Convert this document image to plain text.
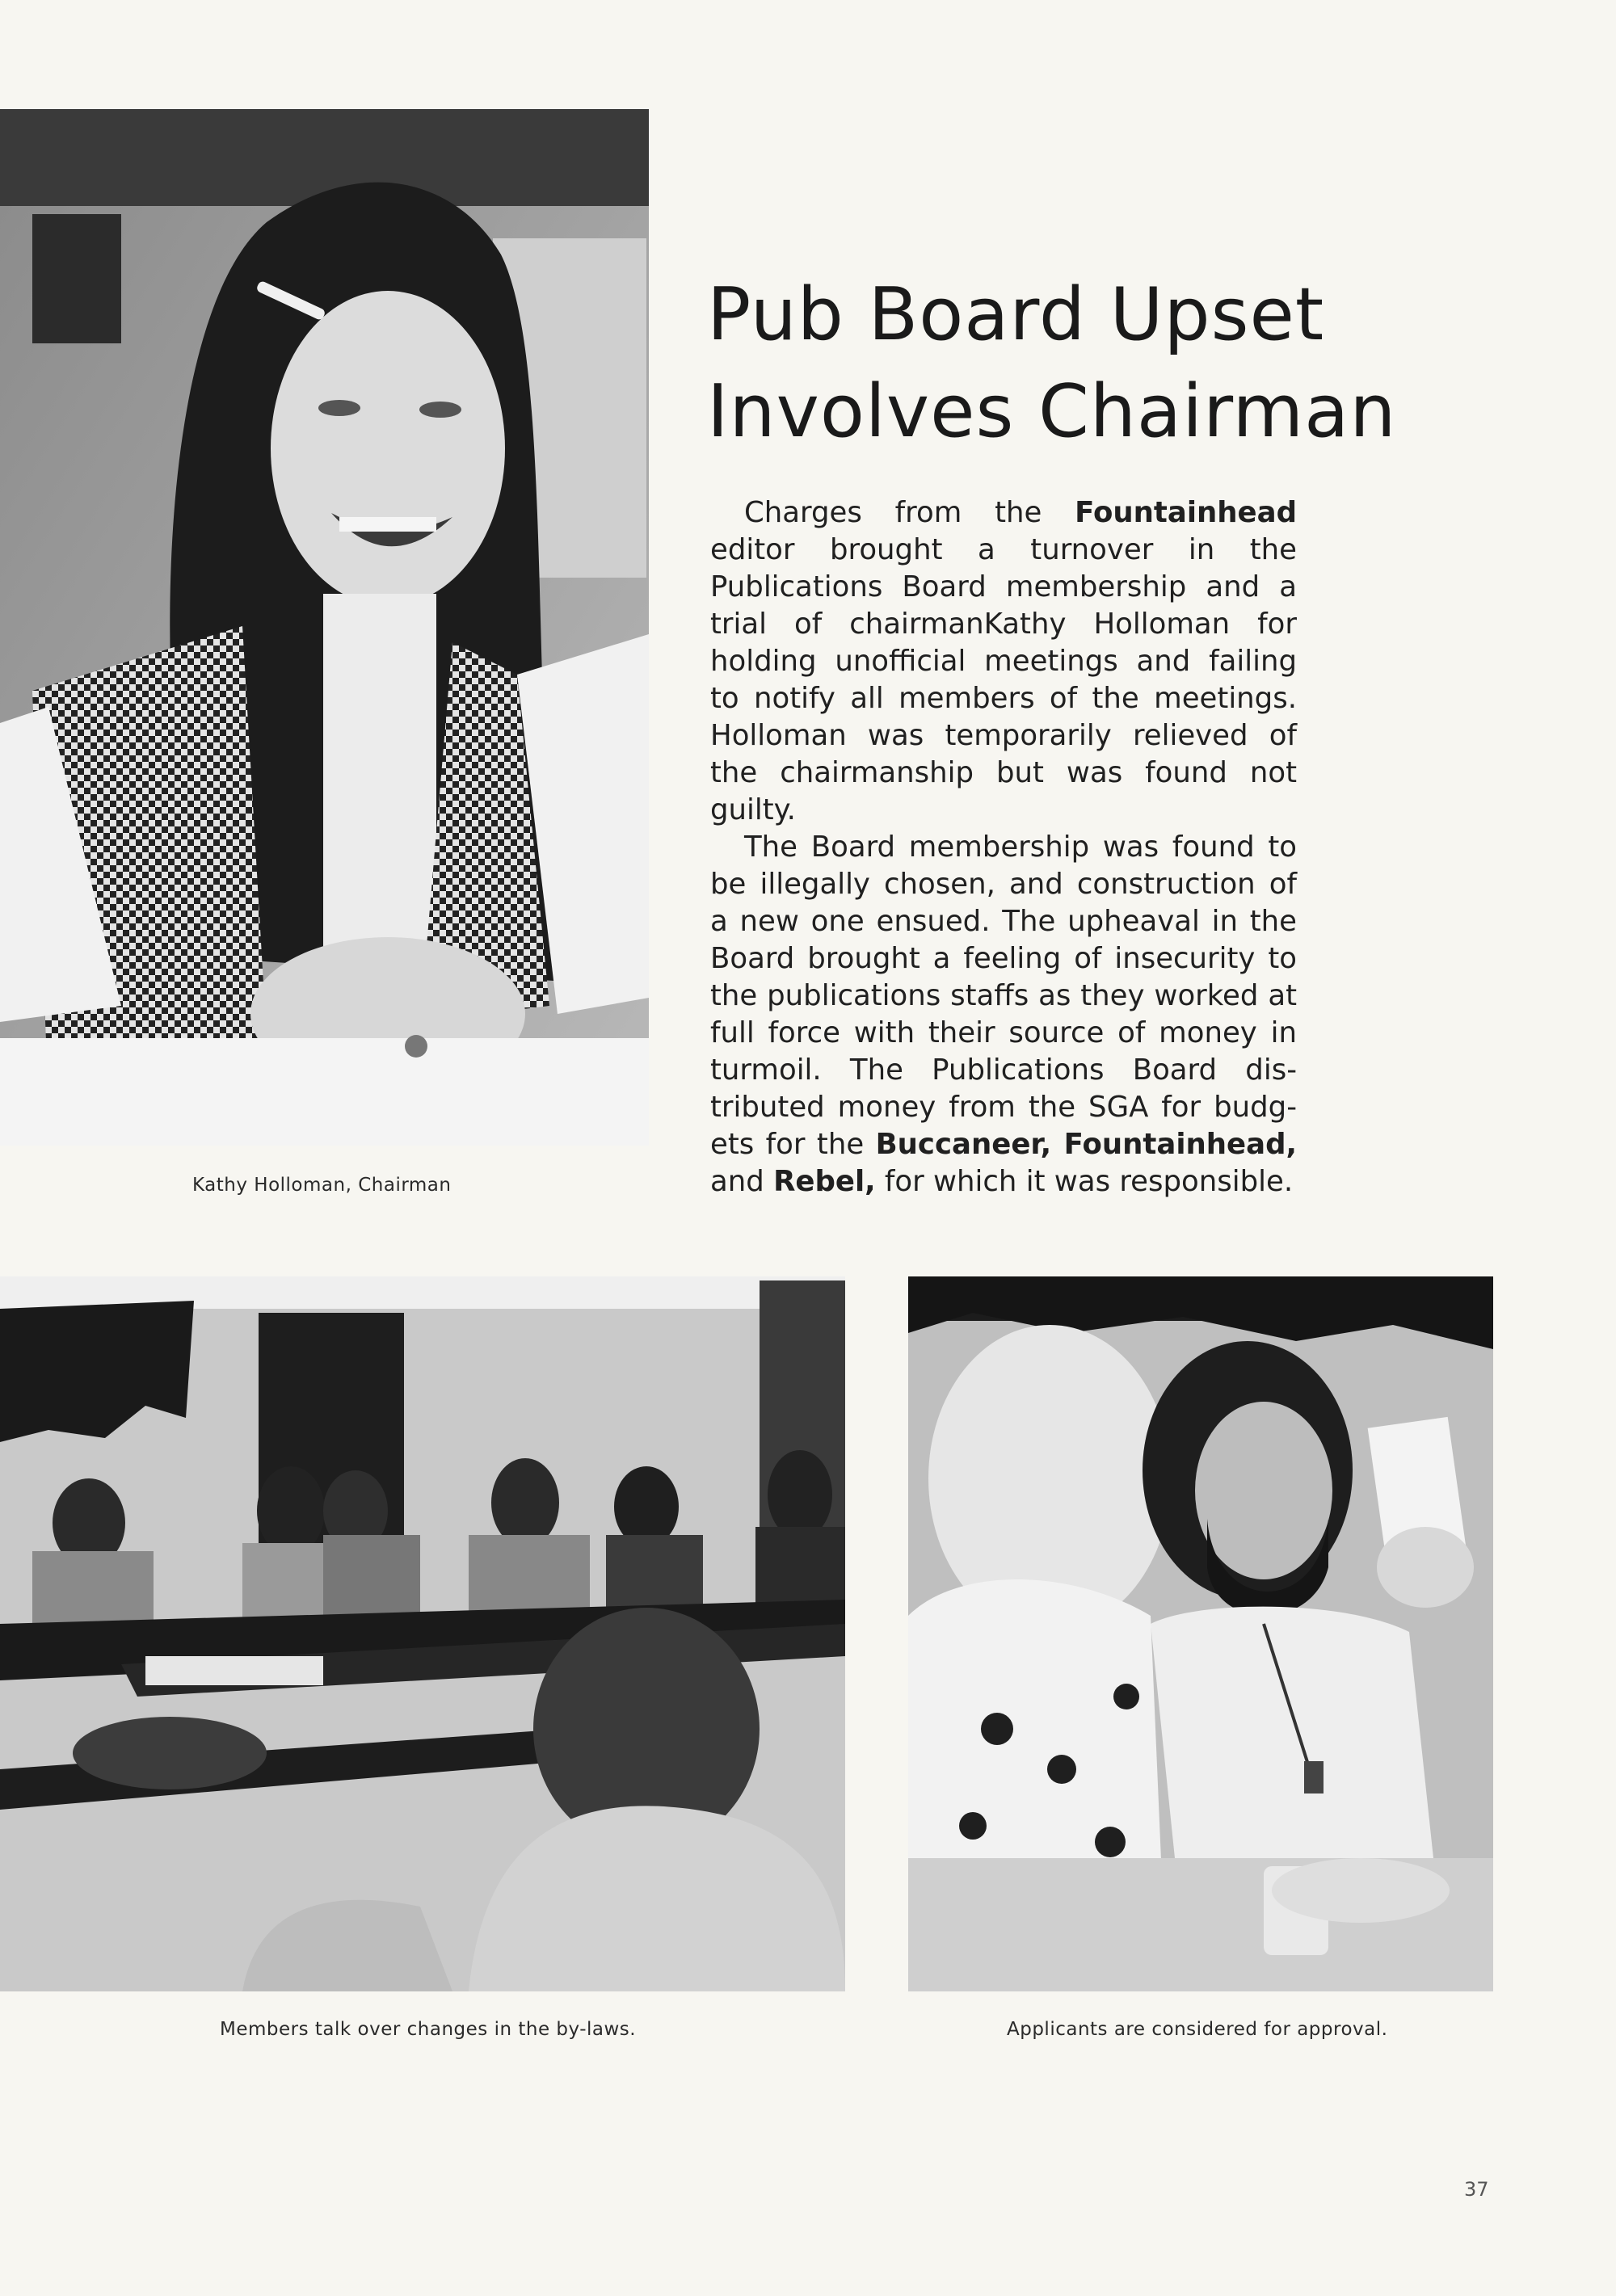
Pub Board Upset
Involves Chairman

Charges from the Fountainhead editor brought a turnover in the Publications Board membership and a trial of chairmanKathy Holloman for holding unofficial meetings and failing to notify all members of the meetings. Holloman was temporarily relieved of the chairmanship but was found not guilty.

The Board membership was found to be illegally chosen, and construction of a new one ensued. The upheaval in the Board brought a feeling of insecurity to the publications staffs as they worked at full force with their source of money in turmoil. The Publications Board distributed money from the SGA for budgets for the Buccaneer, Fountainhead, and Rebel, for which it was responsible.

Kathy Holloman, Chairman
Members talk over changes in the by-laws.	Applicants are considered for approval.
37
